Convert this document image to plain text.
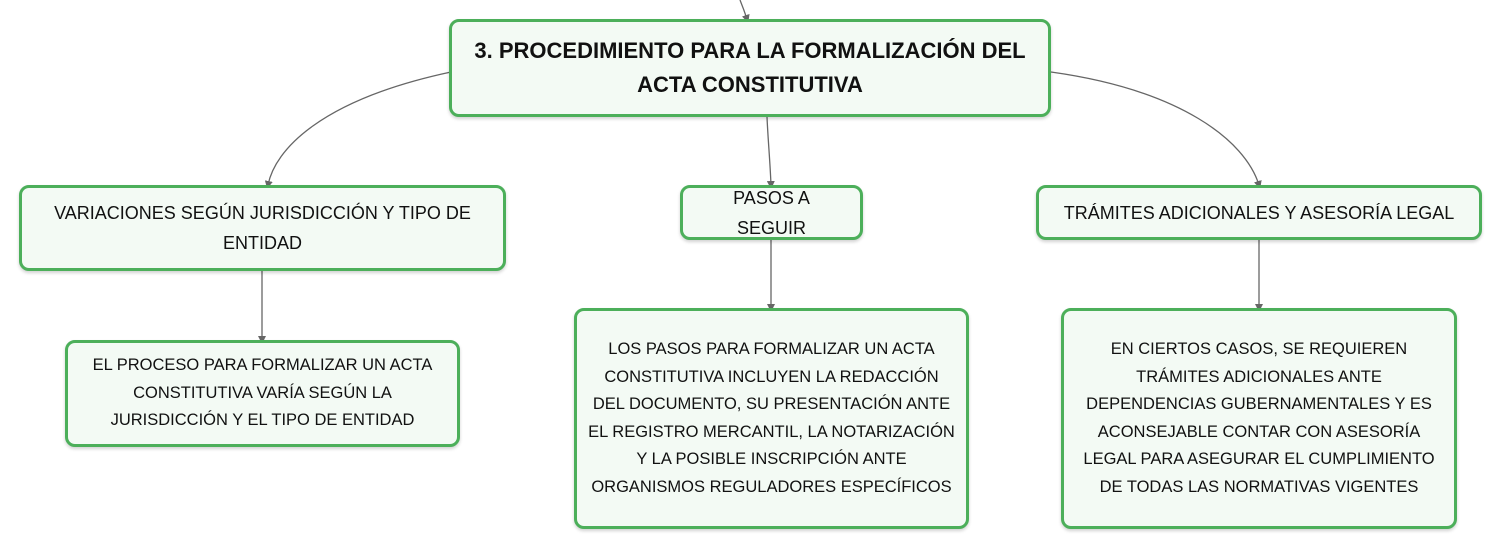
3. PROCEDIMIENTO PARA LA FORMALIZACIÓN DEL ACTA CONSTITUTIVA
VARIACIONES SEGÚN JURISDICCIÓN Y TIPO DE ENTIDAD
PASOS A SEGUIR
TRÁMITES ADICIONALES Y ASESORÍA LEGAL
EL PROCESO PARA FORMALIZAR UN ACTA CONSTITUTIVA VARÍA SEGÚN LA JURISDICCIÓN Y EL TIPO DE ENTIDAD
LOS PASOS PARA FORMALIZAR UN ACTA CONSTITUTIVA INCLUYEN LA REDACCIÓN DEL DOCUMENTO, SU PRESENTACIÓN ANTE EL REGISTRO MERCANTIL, LA NOTARIZACIÓN Y LA POSIBLE INSCRIPCIÓN ANTE ORGANISMOS REGULADORES ESPECÍFICOS
EN CIERTOS CASOS, SE REQUIEREN TRÁMITES ADICIONALES ANTE DEPENDENCIAS GUBERNAMENTALES Y ES ACONSEJABLE CONTAR CON ASESORÍA LEGAL PARA ASEGURAR EL CUMPLIMIENTO DE TODAS LAS NORMATIVAS VIGENTES
